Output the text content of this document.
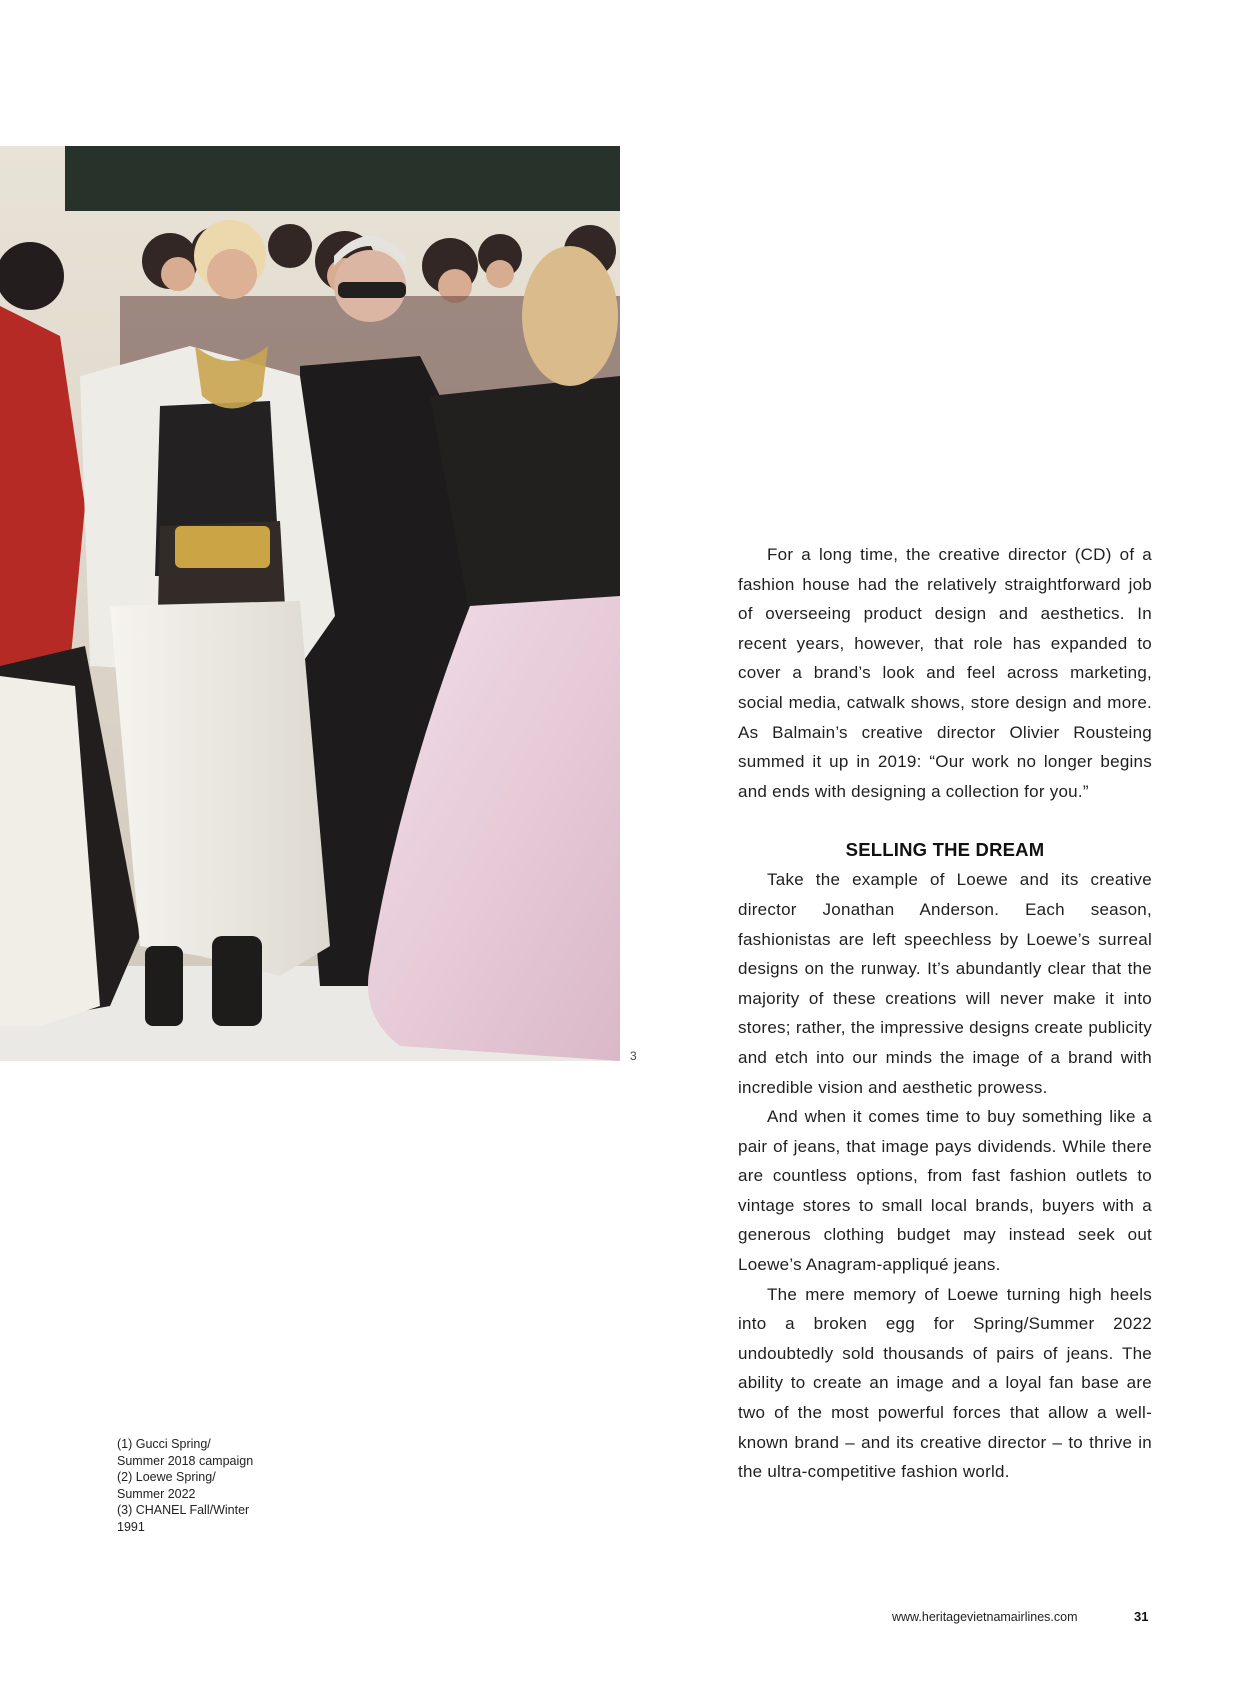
3
(1) Gucci Spring/
Summer 2018 campaign
(2) Loewe Spring/
Summer 2022
(3) CHANEL Fall/Winter
1991

For a long time, the creative director (CD) of a fashion house had the relatively straightforward job of overseeing product design and aesthetics. In recent years, however, that role has expanded to cover a brand’s look and feel across marketing, social media, catwalk shows, store design and more. As Balmain’s creative director Olivier Rousteing summed it up in 2019: “Our work no longer begins and ends with designing a collection for you.”

SELLING THE DREAM

Take the example of Loewe and its creative director Jonathan Anderson. Each season, fashionistas are left speechless by Loewe’s surreal designs on the runway. It’s abundantly clear that the majority of these creations will never make it into stores; rather, the impressive designs create publicity and etch into our minds the image of a brand with incredible vision and aesthetic prowess.

And when it comes time to buy something like a pair of jeans, that image pays dividends. While there are countless options, from fast fashion outlets to vintage stores to small local brands, buyers with a generous clothing budget may instead seek out Loewe’s Anagram-appliqué jeans.

The mere memory of Loewe turning high heels into a broken egg for Spring/Summer 2022 undoubtedly sold thousands of pairs of jeans. The ability to create an image and a loyal fan base are two of the most powerful forces that allow a well-known brand – and its creative director – to thrive in the ultra-competitive fashion world.

www.heritagevietnamairlines.com	31
